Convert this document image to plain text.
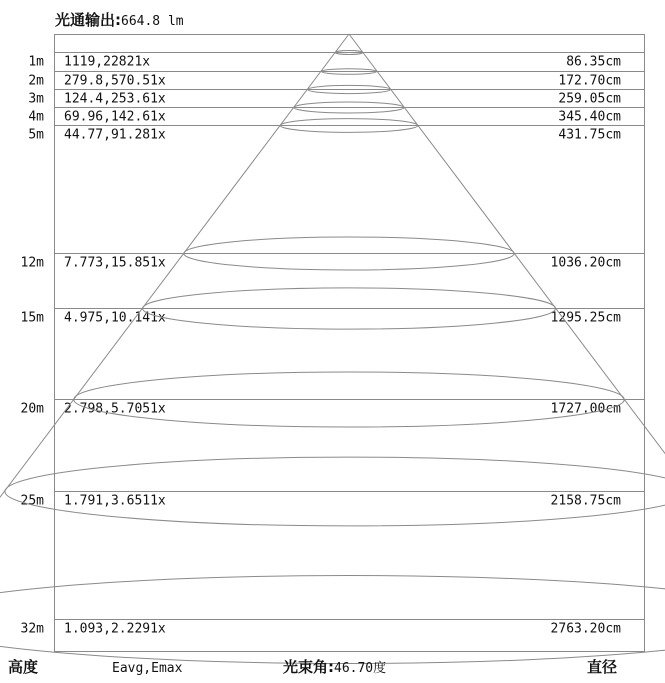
光通输出:664.8 lm
1m 1119,22821x	86.35cm
2m 279.8,570.51x	172.70cm
3m 124.4,253.61x	259.05cm
4m 69.96,142.61x	345.40cm
5m 44.77,91.281x	431.75cm
12m 7.773,15.851x	1036.20cm
15m 4.975,10.141x	1295.25cm
20m 2.798,5.7051x	1727.00cm
25m 1.791,3.6511x	2158.75cm
32m 1.093,2.2291x	2763.20cm
高度	Eavg,Emax	光束角:46.70度	直径
